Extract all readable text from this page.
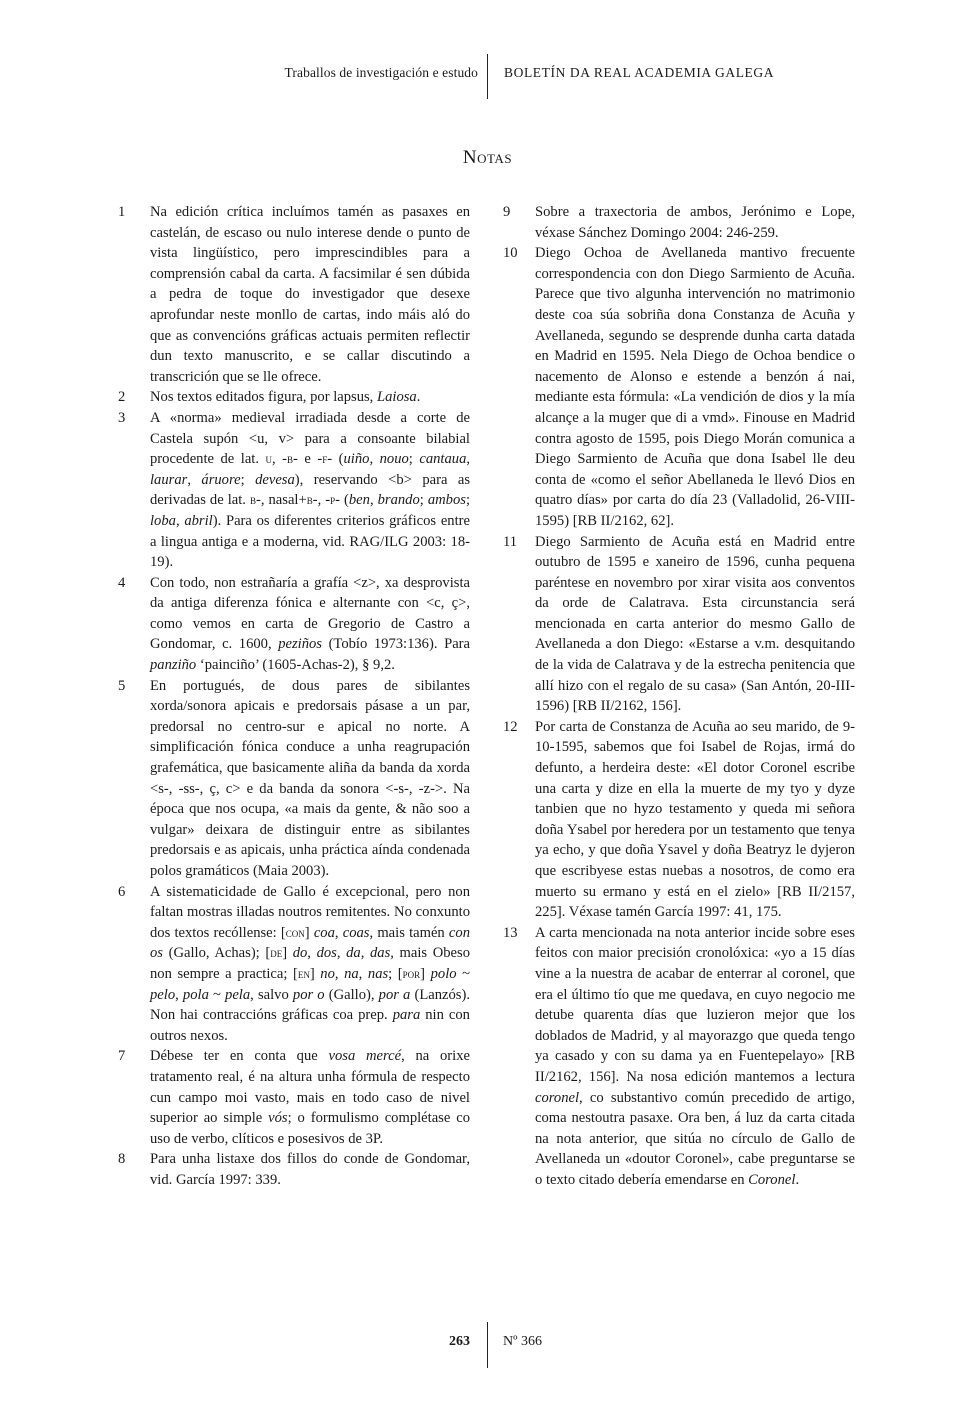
Traballos de investigación e estudo BOLETÍN DA REAL ACADEMIA GALEGA
Notas
1	Na edición crítica incluímos tamén as pasaxes en castelán, de escaso ou nulo interese dende o punto de vista lingüístico, pero imprescindibles para a comprensión cabal da carta. A facsimilar é sen dúbida a pedra de toque do investigador que desexe aprofundar neste monllo de cartas, indo máis aló do que as convencións gráficas actuais permiten reflectir dun texto manuscrito, e se callar discutindo a transcrición que se lle ofrece.
2	Nos textos editados figura, por lapsus, Laiosa.
3	A «norma» medieval irradiada desde a corte de Castela supón <u, v> para a consoante bilabial procedente de lat. u, -b- e -f- (uiño, nouo; cantaua, laurar, áruore; devesa), reservando <b> para as derivadas de lat. b-, nasal+b-, -p- (ben, brando; ambos; loba, abril). Para os diferentes criterios gráficos entre a lingua antiga e a moderna, vid. RAG/ILG 2003: 18-19).
4	Con todo, non estrañaría a grafía <z>, xa desprovista da antiga diferenza fónica e alternante con <c, ç>, como vemos en carta de Gregorio de Castro a Gondomar, c. 1600, peziños (Tobío 1973:136). Para panziño ‘painciño’ (1605-Achas-2), § 9,2.
5	En portugués, de dous pares de sibilantes xorda/sonora apicais e predorsais pásase a un par, predorsal no centro-sur e apical no norte. A simplificación fónica conduce a unha reagrupación grafemática, que basicamente aliña da banda da xorda <s-, -ss-, ç, c> e da banda da sonora <-s-, -z->. Na época que nos ocupa, «a mais da gente, & não soo a vulgar» deixara de distinguir entre as sibilantes predorsais e as apicais, unha práctica aínda condenada polos gramáticos (Maia 2003).
6	A sistematicidade de Gallo é excepcional, pero non faltan mostras illadas noutros remitentes. No conxunto dos textos recóllense: [con] coa, coas, mais tamén con os (Gallo, Achas); [de] do, dos, da, das, mais Obeso non sempre a practica; [en] no, na, nas; [por] polo ~ pelo, pola ~ pela, salvo por o (Gallo), por a (Lanzós). Non hai contraccións gráficas coa prep. para nin con outros nexos.
7	Débese ter en conta que vosa mercé, na orixe tratamento real, é na altura unha fórmula de respecto cun campo moi vasto, mais en todo caso de nivel superior ao simple vós; o formulismo complétase co uso de verbo, clíticos e posesivos de 3P.
8	Para unha listaxe dos fillos do conde de Gondomar, vid. García 1997: 339.
9	Sobre a traxectoria de ambos, Jerónimo e Lope, véxase Sánchez Domingo 2004: 246-259.
10	Diego Ochoa de Avellaneda mantivo frecuente correspondencia con don Diego Sarmiento de Acuña. Parece que tivo algunha intervención no matrimonio deste coa súa sobriña dona Constanza de Acuña y Avellaneda, segundo se desprende dunha carta datada en Madrid en 1595. Nela Diego de Ochoa bendice o nacemento de Alonso e estende a benzón á nai, mediante esta fórmula: «La vendición de dios y la mía alcançe a la muger que di a vmd». Finouse en Madrid contra agosto de 1595, pois Diego Morán comunica a Diego Sarmiento de Acuña que dona Isabel lle deu conta de «como el señor Abellaneda le llevó Dios en quatro días» por carta do día 23 (Valladolid, 26-VIII-1595) [RB II/2162, 62].
11	Diego Sarmiento de Acuña está en Madrid entre outubro de 1595 e xaneiro de 1596, cunha pequena paréntese en novembro por xirar visita aos conventos da orde de Calatrava. Esta circunstancia será mencionada en carta anterior do mesmo Gallo de Avellaneda a don Diego: «Estarse a v.m. desquitando de la vida de Calatrava y de la estrecha penitencia que allí hizo con el regalo de su casa» (San Antón, 20-III-1596) [RB II/2162, 156].
12	Por carta de Constanza de Acuña ao seu marido, de 9-10-1595, sabemos que foi Isabel de Rojas, irmá do defunto, a herdeira deste: «El dotor Coronel escribe una carta y dize en ella la muerte de my tyo y dyze tanbien que no hyzo testamento y queda mi señora doña Ysabel por heredera por un testamento que tenya ya echo, y que doña Ysavel y doña Beatryz le dyjeron que escribyese estas nuebas a nosotros, de como era muerto su ermano y está en el zielo» [RB II/2157, 225]. Véxase tamén García 1997: 41, 175.
13	A carta mencionada na nota anterior incide sobre eses feitos con maior precisión cronolóxica: «yo a 15 días vine a la nuestra de acabar de enterrar al coronel, que era el último tío que me quedava, en cuyo negocio me detube quarenta días que luzieron mejor que los doblados de Madrid, y al mayorazgo que queda tengo ya casado y con su dama ya en Fuentepelayo» [RB II/2162, 156]. Na nosa edición mantemos a lectura coronel, co substantivo común precedido de artigo, coma nestoutra pasaxe. Ora ben, á luz da carta citada na nota anterior, que sitúa no círculo de Gallo de Avellaneda un «doutor Coronel», cabe preguntarse se o texto citado debería emendarse en Coronel.
263 Nº 366
